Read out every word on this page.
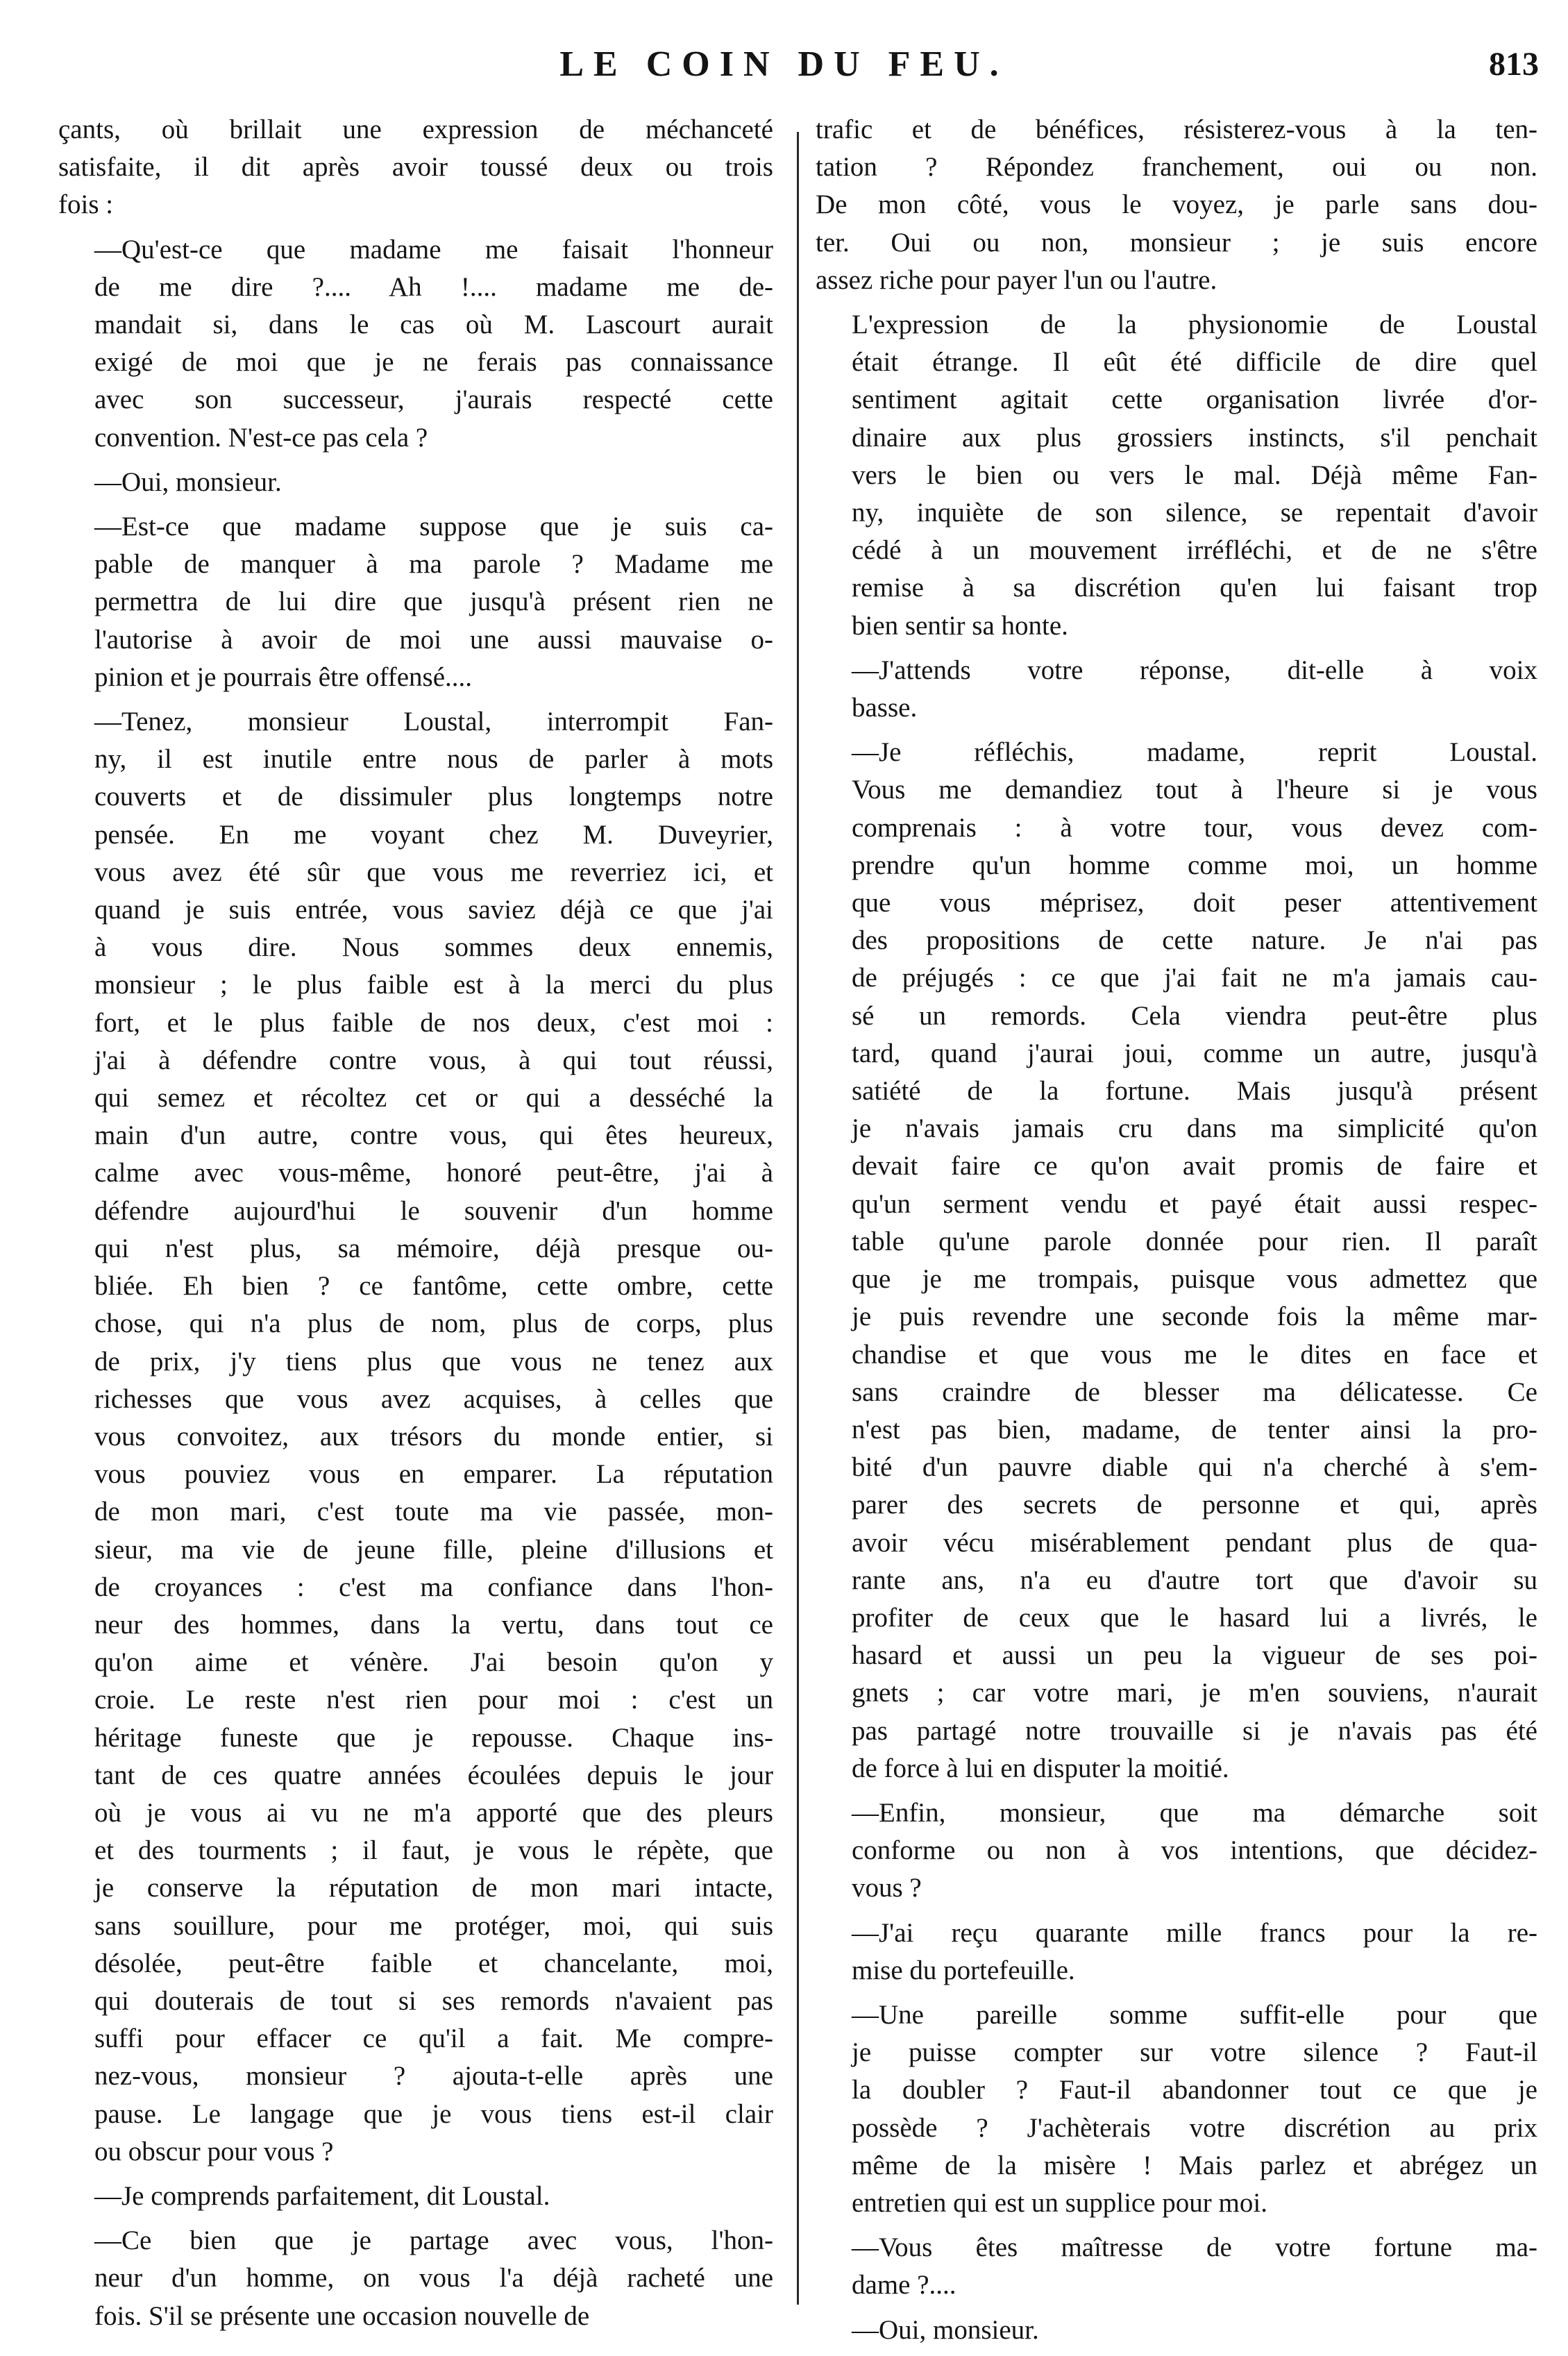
LE COIN DU FEU.	813
çants, où brillait une expression de méchanceté
satisfaite, il dit après avoir toussé deux ou trois
fois :
—Qu'est-ce que madame me faisait l'honneur
de me dire ?.... Ah !.... madame me de-
mandait si, dans le cas où M. Lascourt aurait
exigé de moi que je ne ferais pas connaissance
avec son successeur, j'aurais respecté cette
convention. N'est-ce pas cela ?
—Oui, monsieur.
—Est-ce que madame suppose que je suis ca-
pable de manquer à ma parole ? Madame me
permettra de lui dire que jusqu'à présent rien ne
l'autorise à avoir de moi une aussi mauvaise o-
pinion et je pourrais être offensé....
—Tenez, monsieur Loustal, interrompit Fan-
ny, il est inutile entre nous de parler à mots
couverts et de dissimuler plus longtemps notre
pensée. En me voyant chez M. Duveyrier,
vous avez été sûr que vous me reverriez ici, et
quand je suis entrée, vous saviez déjà ce que j'ai
à vous dire. Nous sommes deux ennemis,
monsieur ; le plus faible est à la merci du plus
fort, et le plus faible de nos deux, c'est moi :
j'ai à défendre contre vous, à qui tout réussi,
qui semez et récoltez cet or qui a desséché la
main d'un autre, contre vous, qui êtes heureux,
calme avec vous-même, honoré peut-être, j'ai à
défendre aujourd'hui le souvenir d'un homme
qui n'est plus, sa mémoire, déjà presque ou-
bliée. Eh bien ? ce fantôme, cette ombre, cette
chose, qui n'a plus de nom, plus de corps, plus
de prix, j'y tiens plus que vous ne tenez aux
richesses que vous avez acquises, à celles que
vous convoitez, aux trésors du monde entier, si
vous pouviez vous en emparer. La réputation
de mon mari, c'est toute ma vie passée, mon-
sieur, ma vie de jeune fille, pleine d'illusions et
de croyances : c'est ma confiance dans l'hon-
neur des hommes, dans la vertu, dans tout ce
qu'on aime et vénère. J'ai besoin qu'on y
croie. Le reste n'est rien pour moi : c'est un
héritage funeste que je repousse. Chaque ins-
tant de ces quatre années écoulées depuis le jour
où je vous ai vu ne m'a apporté que des pleurs
et des tourments ; il faut, je vous le répète, que
je conserve la réputation de mon mari intacte,
sans souillure, pour me protéger, moi, qui suis
désolée, peut-être faible et chancelante, moi,
qui douterais de tout si ses remords n'avaient pas
suffi pour effacer ce qu'il a fait. Me compre-
nez-vous, monsieur ? ajouta-t-elle après une
pause. Le langage que je vous tiens est-il clair
ou obscur pour vous ?
—Je comprends parfaitement, dit Loustal.
—Ce bien que je partage avec vous, l'hon-
neur d'un homme, on vous l'a déjà racheté une
fois. S'il se présente une occasion nouvelle de
trafic et de bénéfices, résisterez-vous à la ten-
tation ? Répondez franchement, oui ou non.
De mon côté, vous le voyez, je parle sans dou-
ter. Oui ou non, monsieur ; je suis encore
assez riche pour payer l'un ou l'autre.
L'expression de la physionomie de Loustal
était étrange. Il eût été difficile de dire quel
sentiment agitait cette organisation livrée d'or-
dinaire aux plus grossiers instincts, s'il penchait
vers le bien ou vers le mal. Déjà même Fan-
ny, inquiète de son silence, se repentait d'avoir
cédé à un mouvement irréfléchi, et de ne s'être
remise à sa discrétion qu'en lui faisant trop
bien sentir sa honte.
—J'attends votre réponse, dit-elle à voix
basse.
—Je réfléchis, madame, reprit Loustal.
Vous me demandiez tout à l'heure si je vous
comprenais : à votre tour, vous devez com-
prendre qu'un homme comme moi, un homme
que vous méprisez, doit peser attentivement
des propositions de cette nature. Je n'ai pas
de préjugés : ce que j'ai fait ne m'a jamais cau-
sé un remords. Cela viendra peut-être plus
tard, quand j'aurai joui, comme un autre, jusqu'à
satiété de la fortune. Mais jusqu'à présent
je n'avais jamais cru dans ma simplicité qu'on
devait faire ce qu'on avait promis de faire et
qu'un serment vendu et payé était aussi respec-
table qu'une parole donnée pour rien. Il paraît
que je me trompais, puisque vous admettez que
je puis revendre une seconde fois la même mar-
chandise et que vous me le dites en face et
sans craindre de blesser ma délicatesse. Ce
n'est pas bien, madame, de tenter ainsi la pro-
bité d'un pauvre diable qui n'a cherché à s'em-
parer des secrets de personne et qui, après
avoir vécu misérablement pendant plus de qua-
rante ans, n'a eu d'autre tort que d'avoir su
profiter de ceux que le hasard lui a livrés, le
hasard et aussi un peu la vigueur de ses poi-
gnets ; car votre mari, je m'en souviens, n'aurait
pas partagé notre trouvaille si je n'avais pas été
de force à lui en disputer la moitié.
—Enfin, monsieur, que ma démarche soit
conforme ou non à vos intentions, que décidez-
vous ?
—J'ai reçu quarante mille francs pour la re-
mise du portefeuille.
—Une pareille somme suffit-elle pour que
je puisse compter sur votre silence ? Faut-il
la doubler ? Faut-il abandonner tout ce que je
possède ? J'achèterais votre discrétion au prix
même de la misère ! Mais parlez et abrégez un
entretien qui est un supplice pour moi.
—Vous êtes maîtresse de votre fortune ma-
dame ?....
—Oui, monsieur.
